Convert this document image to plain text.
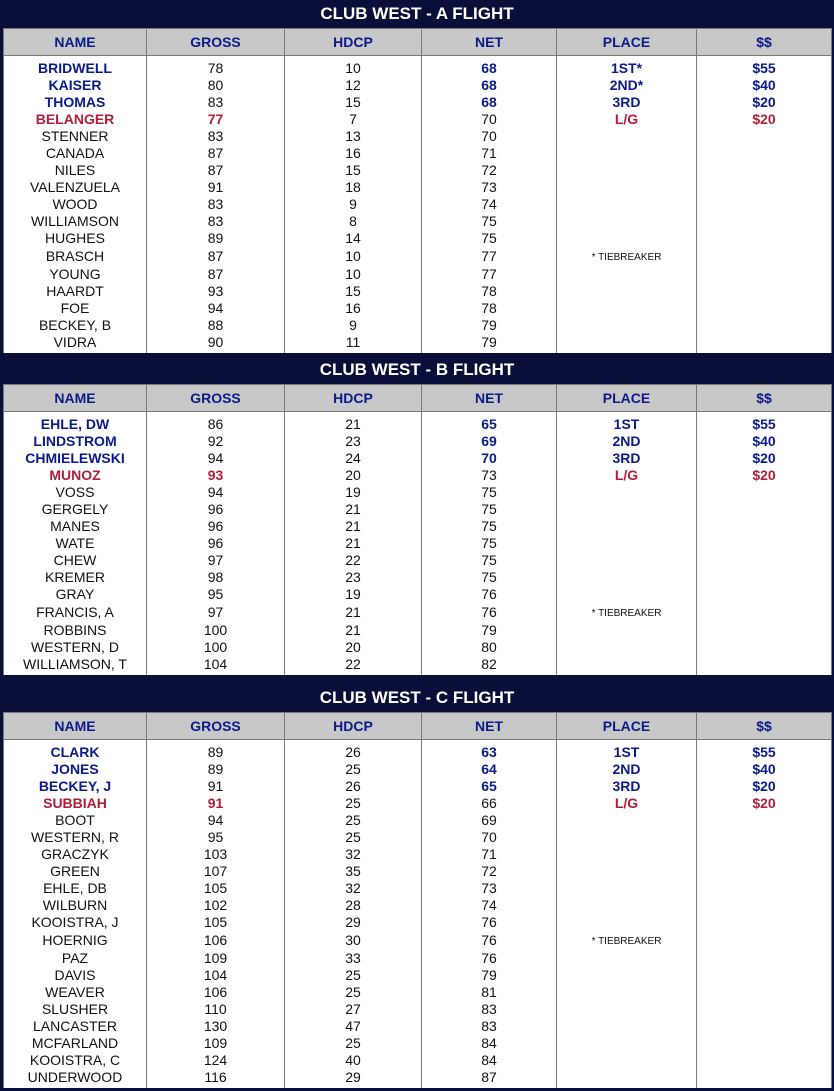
CLUB WEST - A FLIGHT
NAME	GROSS	HDCP	NET	PLACE	$$

BRIDWELL	78	10	68	1ST*	$55
KAISER	80	12	68	2ND*	$40
THOMAS	83	15	68	3RD	$20
BELANGER	77	7	70	L/G	$20
STENNER	83	13	70		
CANADA	87	16	71		
NILES	87	15	72		
VALENZUELA	91	18	73		
WOOD	83	9	74		
WILLIAMSON	83	8	75		
HUGHES	89	14	75		
BRASCH	87	10	77	* TIEBREAKER	
YOUNG	87	10	77		
HAARDT	93	15	78		
FOE	94	16	78		
BECKEY, B	88	9	79		
VIDRA	90	11	79		

CLUB WEST - B FLIGHT
NAME	GROSS	HDCP	NET	PLACE	$$

EHLE, DW	86	21	65	1ST	$55
LINDSTROM	92	23	69	2ND	$40
CHMIELEWSKI	94	24	70	3RD	$20
MUNOZ	93	20	73	L/G	$20
VOSS	94	19	75		
GERGELY	96	21	75		
MANES	96	21	75		
WATE	96	21	75		
CHEW	97	22	75		
KREMER	98	23	75		
GRAY	95	19	76		
FRANCIS, A	97	21	76	* TIEBREAKER	
ROBBINS	100	21	79		
WESTERN, D	100	20	80		
WILLIAMSON, T	104	22	82		

CLUB WEST - C FLIGHT
NAME	GROSS	HDCP	NET	PLACE	$$

CLARK	89	26	63	1ST	$55
JONES	89	25	64	2ND	$40
BECKEY, J	91	26	65	3RD	$20
SUBBIAH	91	25	66	L/G	$20
BOOT	94	25	69		
WESTERN, R	95	25	70		
GRACZYK	103	32	71		
GREEN	107	35	72		
EHLE, DB	105	32	73		
WILBURN	102	28	74		
KOOISTRA, J	105	29	76		
HOERNIG	106	30	76	* TIEBREAKER	
PAZ	109	33	76		
DAVIS	104	25	79		
WEAVER	106	25	81		
SLUSHER	110	27	83		
LANCASTER	130	47	83		
MCFARLAND	109	25	84		
KOOISTRA, C	124	40	84		
UNDERWOOD	116	29	87		
